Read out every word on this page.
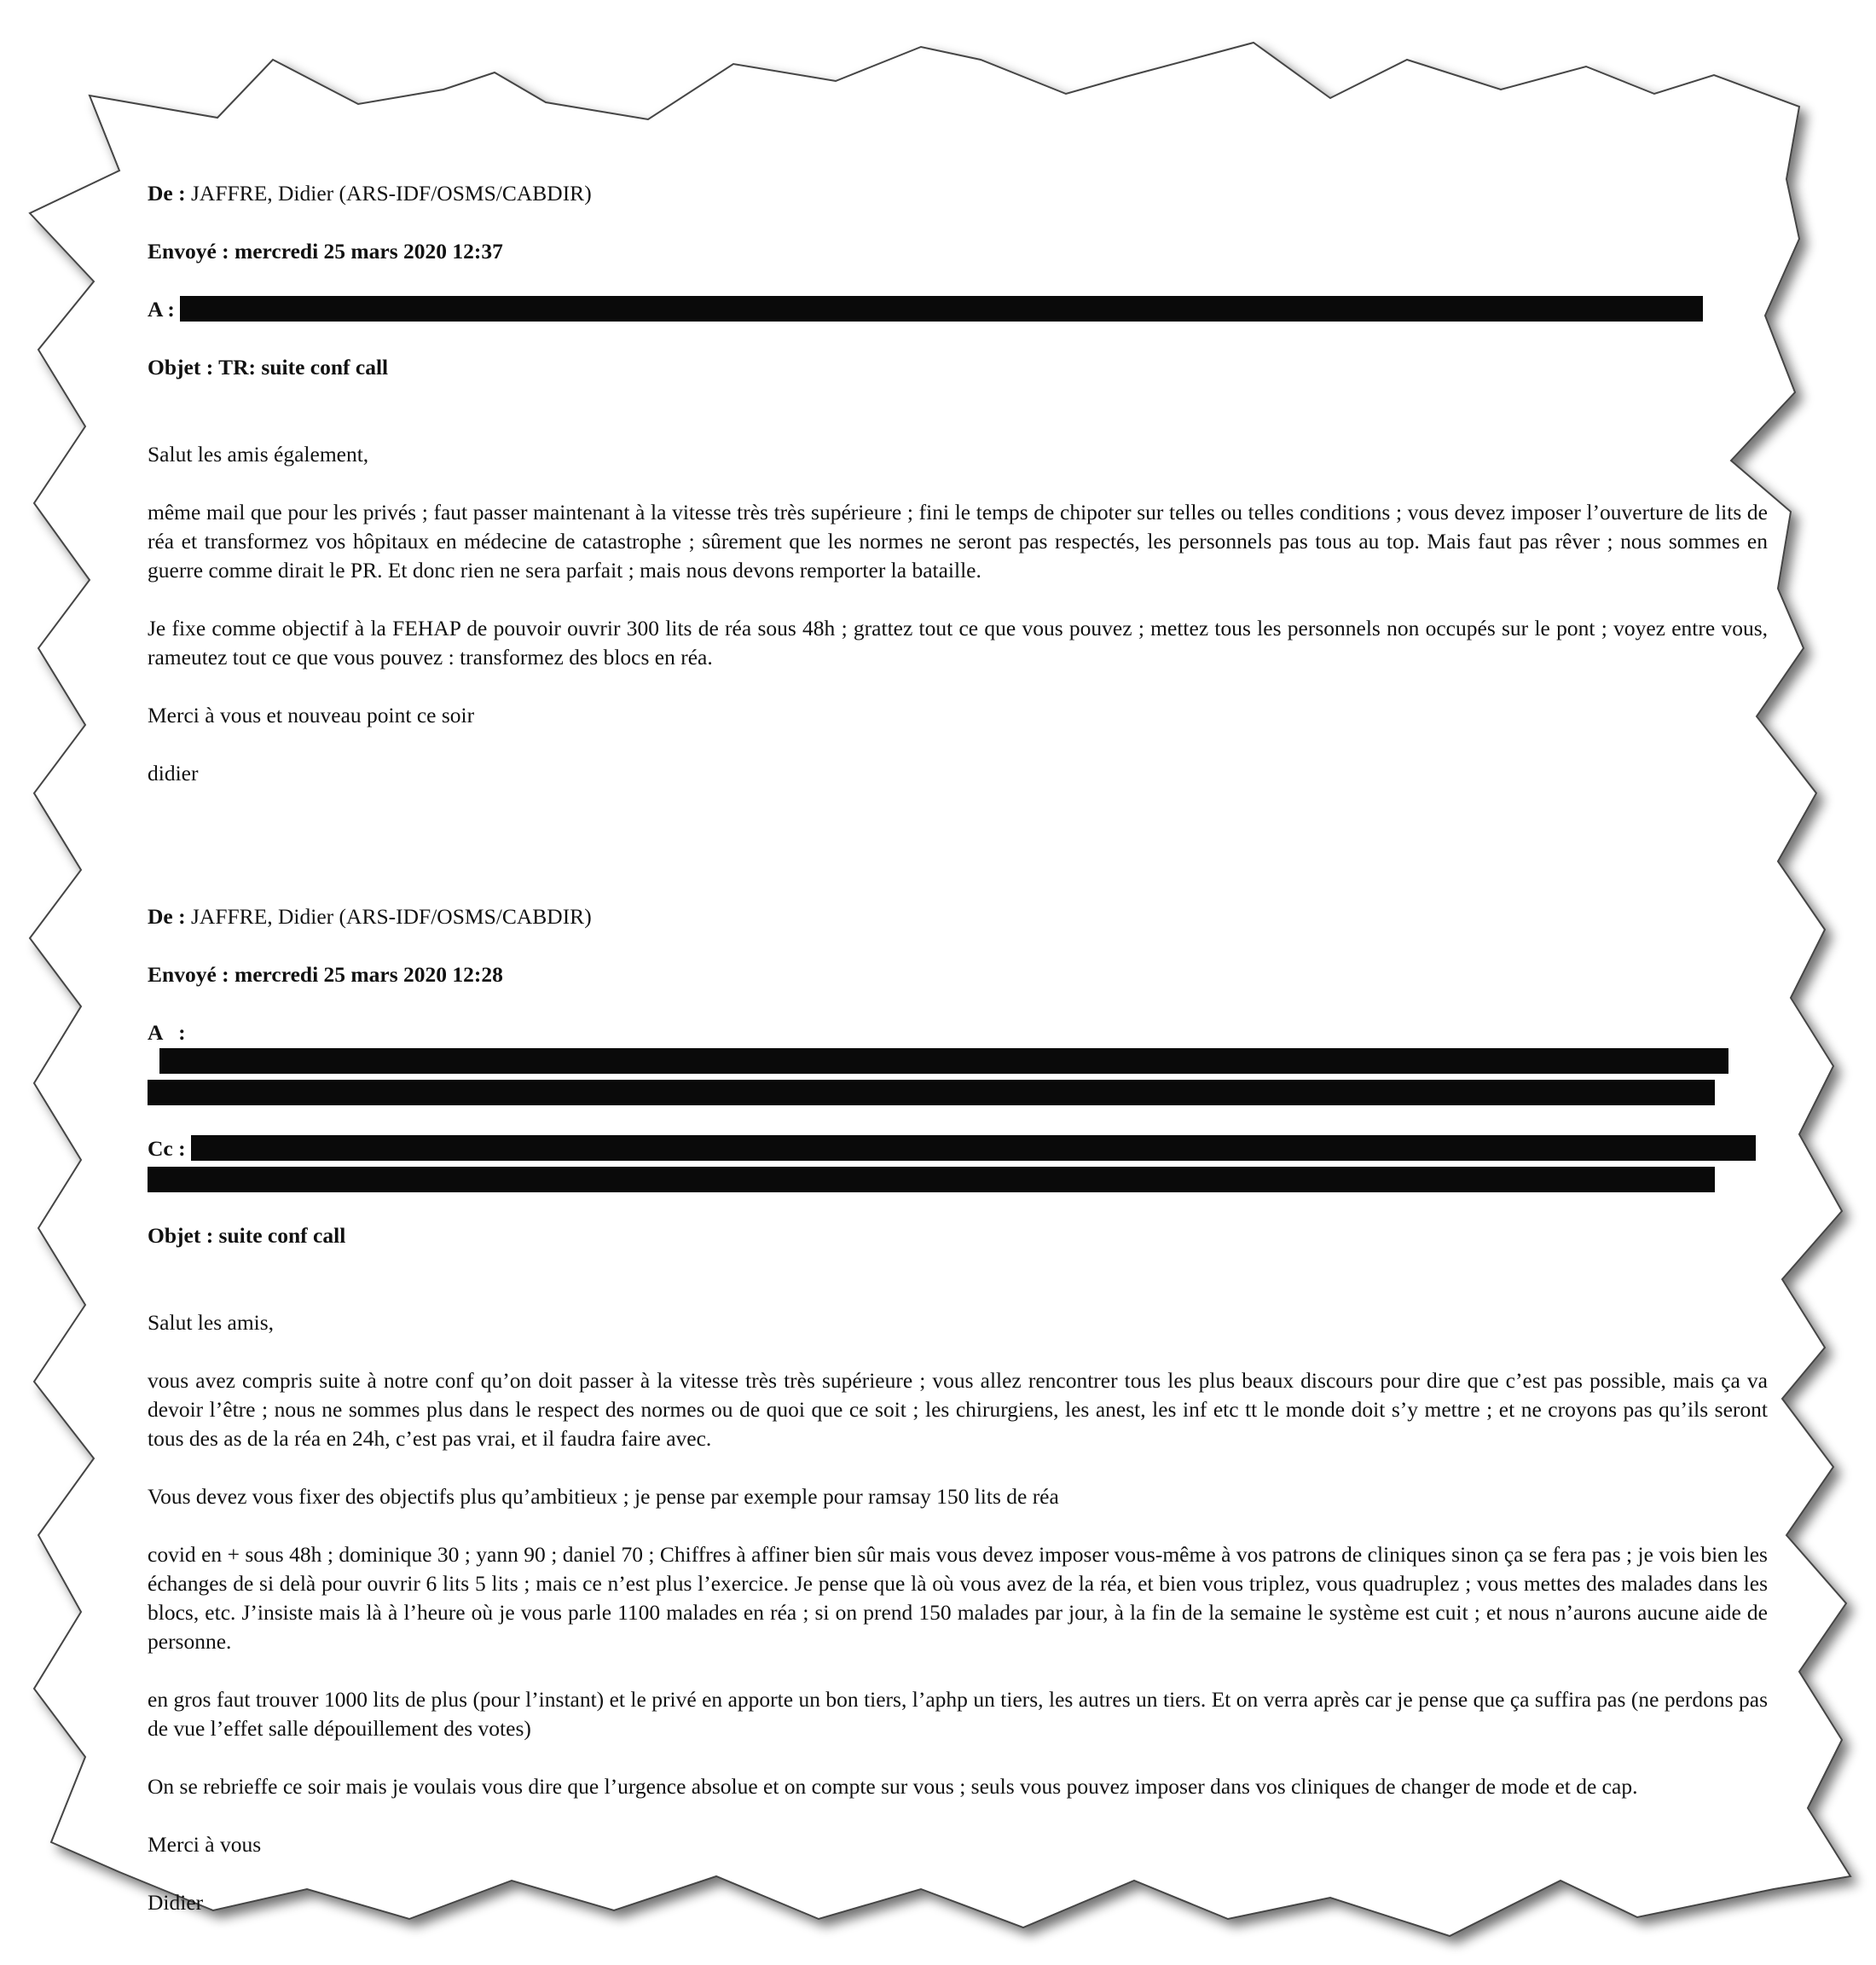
De : JAFFRE, Didier (ARS-IDF/OSMS/CABDIR)
Envoyé : mercredi 25 mars 2020 12:37
A :
Objet : TR: suite conf call

Salut les amis également,

même mail que pour les privés ; faut passer maintenant à la vitesse très très supérieure ; fini le temps de chipoter sur telles ou telles conditions ; vous devez imposer l’ouverture de lits de réa et transformez vos hôpitaux en médecine de catastrophe ; sûrement que les normes ne seront pas respectés, les personnels pas tous au top. Mais faut pas rêver ; nous sommes en guerre comme dirait le PR. Et donc rien ne sera parfait ; mais nous devons remporter la bataille.

Je fixe comme objectif à la FEHAP de pouvoir ouvrir 300 lits de réa sous 48h ; grattez tout ce que vous pouvez ; mettez tous les personnels non occupés sur le pont ; voyez entre vous, rameutez tout ce que vous pouvez : transformez des blocs en réa.

Merci à vous et nouveau point ce soir

didier

De : JAFFRE, Didier (ARS-IDF/OSMS/CABDIR)
Envoyé : mercredi 25 mars 2020 12:28
A   :
Cc :
Objet : suite conf call

Salut les amis,

vous avez compris suite à notre conf qu’on doit passer à la vitesse très très supérieure ; vous allez rencontrer tous les plus beaux discours pour dire que c’est pas possible, mais ça va devoir l’être ; nous ne sommes plus dans le respect des normes ou de quoi que ce soit ; les chirurgiens, les anest, les inf etc tt le monde doit s’y mettre ; et ne croyons pas qu’ils seront tous des as de la réa en 24h, c’est pas vrai, et il faudra faire avec.

Vous devez vous fixer des objectifs plus qu’ambitieux ; je pense par exemple pour ramsay 150 lits de réa

covid en + sous 48h ; dominique 30 ; yann 90 ; daniel 70 ; Chiffres à affiner bien sûr mais vous devez imposer vous-même à vos patrons de cliniques sinon ça se fera pas ; je vois bien les échanges de si delà pour ouvrir 6 lits 5 lits ; mais ce n’est plus l’exercice. Je pense que là où vous avez de la réa, et bien vous triplez, vous quadruplez ; vous mettes des malades dans les blocs, etc. J’insiste mais là à l’heure où je vous parle 1100 malades en réa ; si on prend 150 malades par jour, à la fin de la semaine le système est cuit ; et nous n’aurons aucune aide de personne.

en gros faut trouver 1000 lits de plus (pour l’instant) et le privé en apporte un bon tiers, l’aphp un tiers, les autres un tiers. Et on verra après car je pense que ça suffira pas (ne perdons pas de vue l’effet salle dépouillement des votes)

On se rebrieffe ce soir mais je voulais vous dire que l’urgence absolue et on compte sur vous ; seuls vous pouvez imposer dans vos cliniques de changer de mode et de cap.

Merci à vous

Didier
